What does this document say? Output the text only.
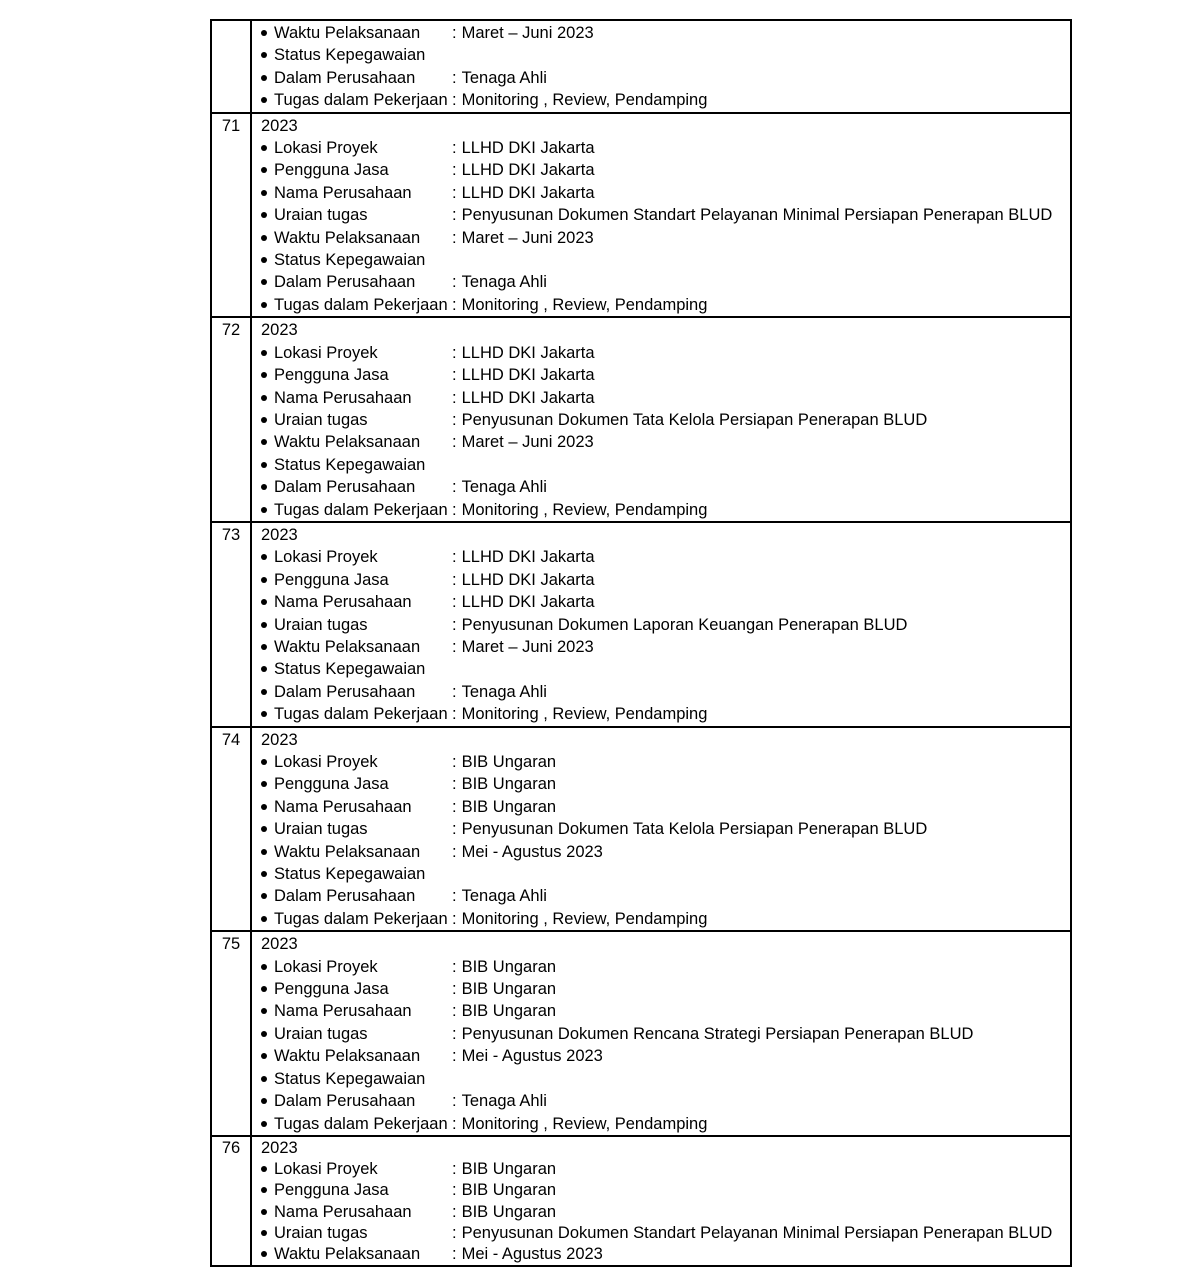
Waktu Pelaksanaan	: Maret – Juni 2023
Status Kepegawaian
Dalam Perusahaan	: Tenaga Ahli
Tugas dalam Pekerjaan : Monitoring , Review, Pendamping

71	2023
Lokasi Proyek	: LLHD DKI Jakarta
Pengguna Jasa	: LLHD DKI Jakarta
Nama Perusahaan	: LLHD DKI Jakarta
Uraian tugas	: Penyusunan Dokumen Standart Pelayanan Minimal Persiapan Penerapan BLUD
Waktu Pelaksanaan	: Maret – Juni 2023
Status Kepegawaian
Dalam Perusahaan	: Tenaga Ahli
Tugas dalam Pekerjaan : Monitoring , Review, Pendamping

72	2023
Lokasi Proyek	: LLHD DKI Jakarta
Pengguna Jasa	: LLHD DKI Jakarta
Nama Perusahaan	: LLHD DKI Jakarta
Uraian tugas	: Penyusunan Dokumen Tata Kelola Persiapan Penerapan BLUD
Waktu Pelaksanaan	: Maret – Juni 2023
Status Kepegawaian
Dalam Perusahaan	: Tenaga Ahli
Tugas dalam Pekerjaan : Monitoring , Review, Pendamping

73	2023
Lokasi Proyek	: LLHD DKI Jakarta
Pengguna Jasa	: LLHD DKI Jakarta
Nama Perusahaan	: LLHD DKI Jakarta
Uraian tugas	: Penyusunan Dokumen Laporan Keuangan Penerapan BLUD
Waktu Pelaksanaan	: Maret – Juni 2023
Status Kepegawaian
Dalam Perusahaan	: Tenaga Ahli
Tugas dalam Pekerjaan : Monitoring , Review, Pendamping

74	2023
Lokasi Proyek	: BIB Ungaran
Pengguna Jasa	: BIB Ungaran
Nama Perusahaan	: BIB Ungaran
Uraian tugas	: Penyusunan Dokumen Tata Kelola Persiapan Penerapan BLUD
Waktu Pelaksanaan	: Mei - Agustus 2023
Status Kepegawaian
Dalam Perusahaan	: Tenaga Ahli
Tugas dalam Pekerjaan : Monitoring , Review, Pendamping

75	2023
Lokasi Proyek	: BIB Ungaran
Pengguna Jasa	: BIB Ungaran
Nama Perusahaan	: BIB Ungaran
Uraian tugas	: Penyusunan Dokumen Rencana Strategi Persiapan Penerapan BLUD
Waktu Pelaksanaan	: Mei - Agustus 2023
Status Kepegawaian
Dalam Perusahaan	: Tenaga Ahli
Tugas dalam Pekerjaan : Monitoring , Review, Pendamping

76	2023
Lokasi Proyek	: BIB Ungaran
Pengguna Jasa	: BIB Ungaran
Nama Perusahaan	: BIB Ungaran
Uraian tugas	: Penyusunan Dokumen Standart Pelayanan Minimal Persiapan Penerapan BLUD
Waktu Pelaksanaan	: Mei - Agustus 2023
